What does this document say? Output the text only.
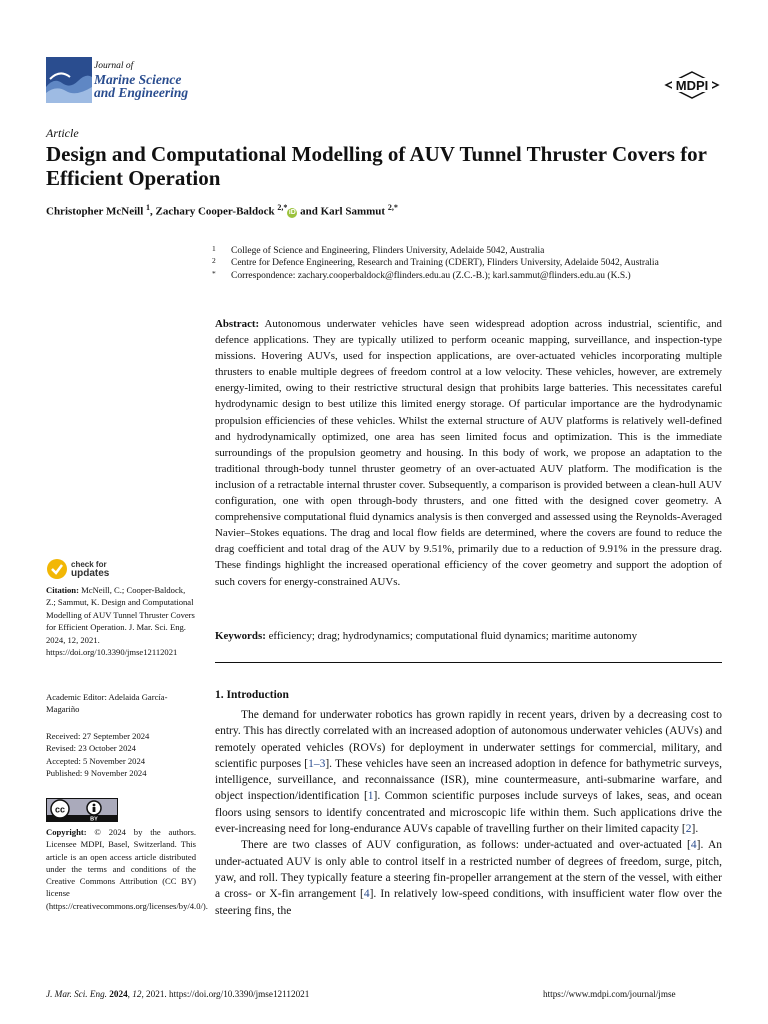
Journal of
Marine Science
and Engineering	MDPI
Article
Design and Computational Modelling of AUV Tunnel Thruster Covers for Efficient Operation
Christopher McNeill $^1$, Zachary Cooper-Baldock $^{2,*}$iD and Karl Sammut $^{2,*}$
1 College of Science and Engineering, Flinders University, Adelaide 5042, Australia
2 Centre for Defence Engineering, Research and Training (CDERT), Flinders University, Adelaide 5042, Australia
* Correspondence: zachary.cooperbaldock@flinders.edu.au (Z.C.-B.); karl.sammut@flinders.edu.au (K.S.)

Abstract: Autonomous underwater vehicles have seen widespread adoption across industrial, scientific, and defence applications. They are typically utilized to perform oceanic mapping, surveillance, and inspection-type missions. Hovering AUVs, used for inspection applications, are over-actuated vehicles incorporating multiple thrusters to enable multiple degrees of freedom control at a low velocity. These vehicles, however, are extremely energy-limited, owing to their restrictive structural design that prohibits large batteries. This necessitates careful hydrodynamic design to best utilize this limited energy storage. Of particular importance are the hydrodynamic propulsion efficiencies of these vehicles. Whilst the external structure of AUV platforms is relatively well-defined and hydrodynamically optimized, one area has seen limited focus and optimization. This is the immediate surroundings of the propulsion geometry and housing. In this body of work, we propose an adaptation to the traditional through-body tunnel thruster geometry of an over-actuated AUV platform. The modification is the inclusion of a retractable internal thruster cover. Subsequently, a comparison is provided between a clean-hull AUV configuration, one with open through-body thrusters, and one fitted with the designed cover geometry. A comprehensive computational fluid dynamics analysis is then converged and assessed using the Reynolds-Averaged Navier–Stokes equations. The drag and local flow fields are determined, where the covers are found to reduce the drag coefficient and total drag of the AUV by 9.51%, primarily due to a reduction of 9.91% in the pressure drag. These findings highlight the increased operational efficiency of the cover geometry and support the adoption of such covers for energy-constrained AUVs.

Keywords: efficiency; drag; hydrodynamics; computational fluid dynamics; maritime autonomy

1. Introduction

The demand for underwater robotics has grown rapidly in recent years, driven by a decreasing cost to entry. This has directly correlated with an increased adoption of autonomous underwater vehicles (AUVs) and remotely operated vehicles (ROVs) for deployment in underwater settings for commercial, military, and scientific purposes [1–3]. These vehicles have seen an increased adoption in defence for bathymetric surveys, intelligence, surveillance, and reconnaissance (ISR), mine countermeasure, anti-submarine warfare, and object inspection/identification [1]. Common scientific purposes include surveys of lakes, seas, and ocean floors using sensors to identify concentrated and microscopic life within them. Such applications drive the ever-increasing need for long-endurance AUVs capable of travelling further on their limited capacity [2].

There are two classes of AUV configuration, as follows: under-actuated and over-actuated [4]. An under-actuated AUV is only able to control itself in a restricted number of degrees of freedom, surge, pitch, yaw, and roll. They typically feature a steering fin-propeller arrangement at the stern of the vessel, with either a cross- or X-fin arrangement [4]. In relatively low-speed conditions, with insufficient water flow over the steering fins, the

check for
updates
Citation: McNeill, C.; Cooper-Baldock, Z.; Sammut, K. Design and Computational Modelling of AUV Tunnel Thruster Covers for Efficient Operation. J. Mar. Sci. Eng. 2024, 12, 2021. https://doi.org/10.3390/jmse12112021
Academic Editor: Adelaida García-Magariño
Received: 27 September 2024
Revised: 23 October 2024
Accepted: 5 November 2024
Published: 9 November 2024
cc
BY
Copyright: © 2024 by the authors. Licensee MDPI, Basel, Switzerland. This article is an open access article distributed under the terms and conditions of the Creative Commons Attribution (CC BY) license (https://creativecommons.org/licenses/by/4.0/).
J. Mar. Sci. Eng. 2024, 12, 2021. https://doi.org/10.3390/jmse12112021	https://www.mdpi.com/journal/jmse
